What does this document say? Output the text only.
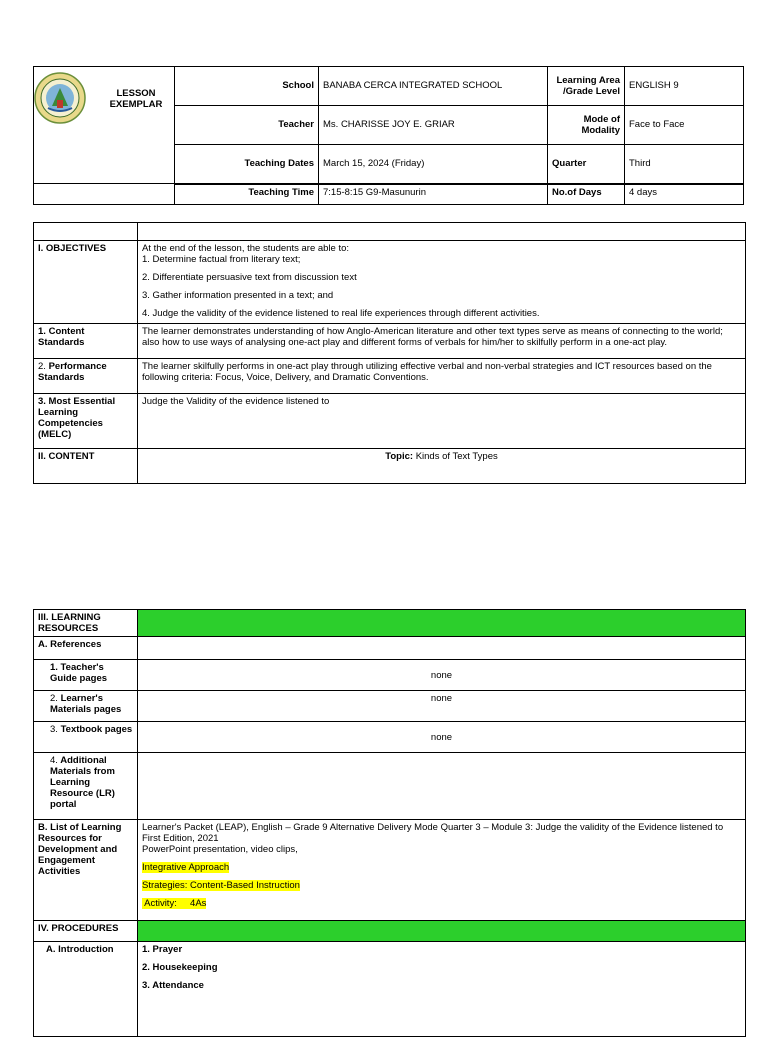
LESSON
EXEMPLAR
	School	BANABA CERCA INTEGRATED SCHOOL	Learning Area /Grade Level	ENGLISH 9
	Teacher	Ms. CHARISSE JOY E. GRIAR	Mode of Modality	Face to Face
	Teaching Dates	March 15, 2024 (Friday)	Quarter	Third
	Teaching Time	7:15-8:15 G9-Masunurin	No.of Days	4 days

I. OBJECTIVES	At the end of the lesson, the students are able to:
1. Determine factual from literary text;
2. Differentiate persuasive text from discussion text
3. Gather information presented in a text; and
4. Judge the validity of the evidence listened to real life experiences through different activities.

1. Content Standards	The learner demonstrates understanding of how Anglo-American literature and other text types serve as means of connecting to the world; also how to use ways of analysing one-act play and different forms of verbals for him/her to skilfully perform in a one-act play.
2. Performance Standards	The learner skilfully performs in one-act play through utilizing effective verbal and non-verbal strategies and ICT resources based on the following criteria: Focus, Voice, Delivery, and Dramatic Conventions.
3. Most Essential Learning Competencies (MELC)	Judge the Validity of the evidence listened to
II. CONTENT	Topic: Kinds of Text Types
III. LEARNING RESOURCES	
A. References	
1. Teacher's Guide pages	none
2. Learner's Materials pages	none
3. Textbook pages	none
4. Additional Materials from Learning Resource (LR) portal	
B. List of Learning Resources for Development and Engagement Activities	Learner's Packet (LEAP), English – Grade 9 Alternative Delivery Mode Quarter 3 – Module 3: Judge the validity of the Evidence listened to First Edition, 2021
PowerPoint presentation, video clips,
Integrative Approach
Strategies: Content-Based Instruction
Activity:     4As

IV. PROCEDURES	
A. Introduction	1. Prayer
2. Housekeeping
3. Attendance
